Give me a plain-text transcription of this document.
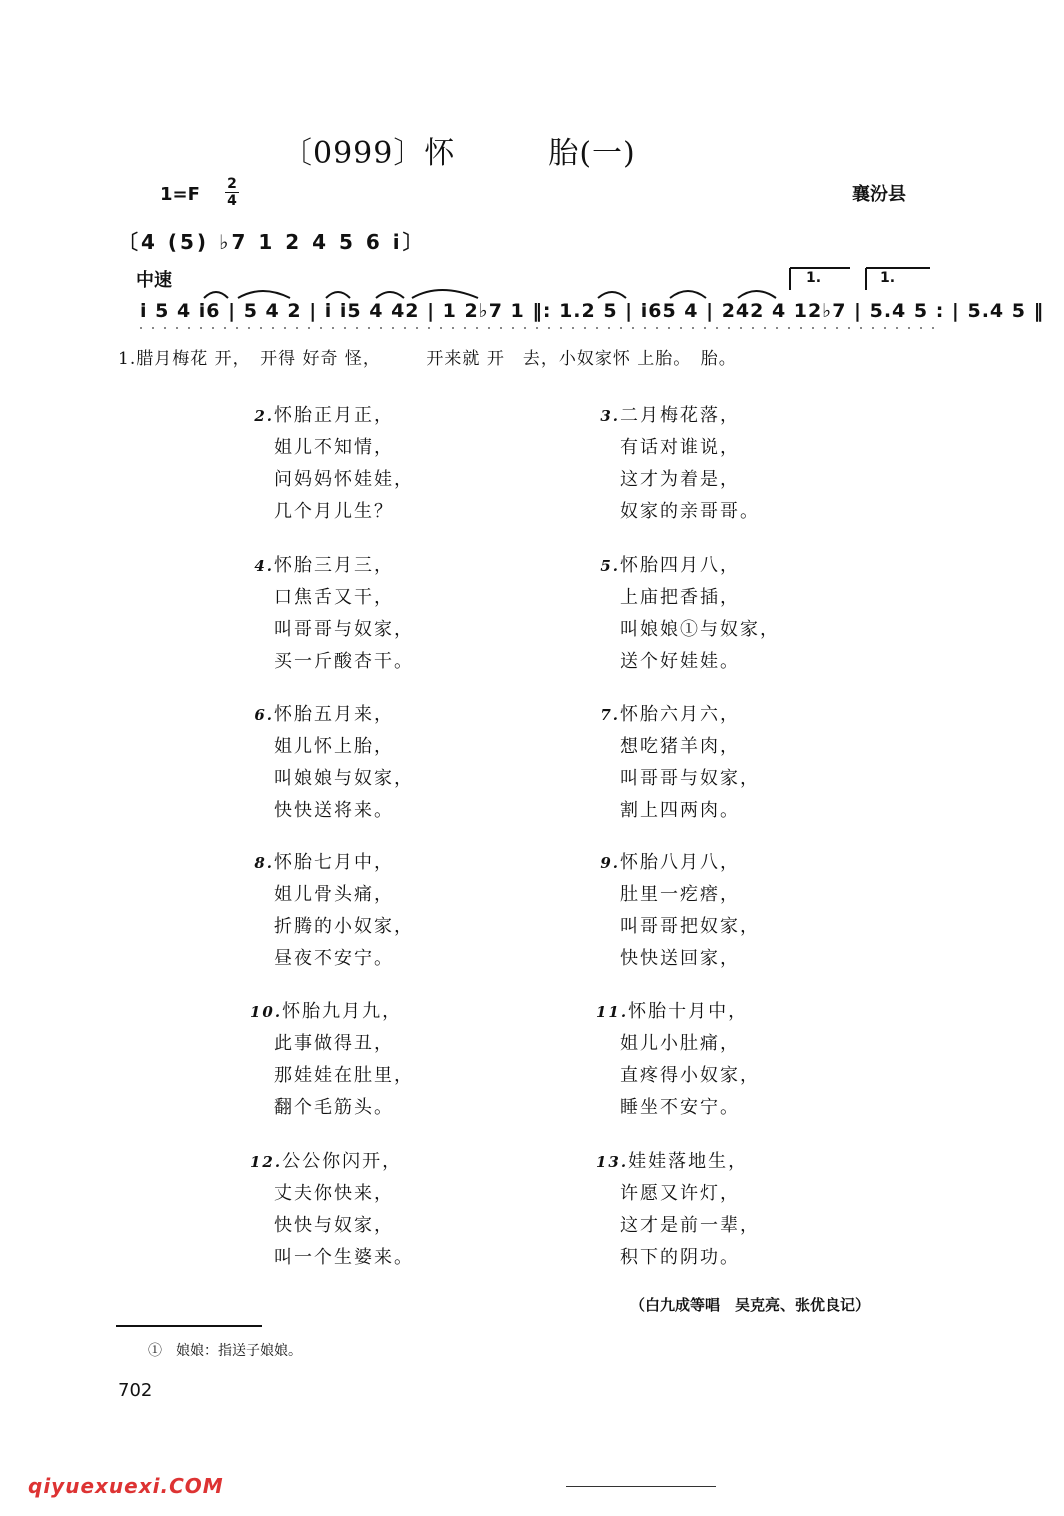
〔0999〕怀　　　胎(一)
1=F 2
4	襄汾县
〔4 (5) ♭7 1 2 4 5 6 i〕
中速
i 5 4 i6 | 5 4 2 | i i5 4 42 | 1 2♭7 1 ‖: 1.2 5 | i65 4 | 242 4 12♭7 | 5.4 5 : | 5.4 5 ‖
1.	1.
1.腊月梅花 开，　开得 好奇 怪，　　　开来就 开　去，小奴家怀 上胎。　胎。
2.怀胎正月正，
姐儿不知情，
问妈妈怀娃娃，
几个月儿生？
3.二月梅花落，
有话对谁说，
这才为着是，
奴家的亲哥哥。
4.怀胎三月三，
口焦舌又干，
叫哥哥与奴家，
买一斤酸杏干。
5.怀胎四月八，
上庙把香插，
叫娘娘①与奴家，
送个好娃娃。
6.怀胎五月来，
姐儿怀上胎，
叫娘娘与奴家，
快快送将来。
7.怀胎六月六，
想吃猪羊肉，
叫哥哥与奴家，
割上四两肉。
8.怀胎七月中，
姐儿骨头痛，
折腾的小奴家，
昼夜不安宁。
9.怀胎八月八，
肚里一疙瘩，
叫哥哥把奴家，
快快送回家，
10.怀胎九月九，
此事做得丑，
那娃娃在肚里，
翻个毛筋头。
11.怀胎十月中，
姐儿小肚痛，
直疼得小奴家，
睡坐不安宁。
12.公公你闪开，
丈夫你快来，
快快与奴家，
叫一个生婆来。
13.娃娃落地生，
许愿又许灯，
这才是前一辈，
积下的阴功。
（白九成等唱　吴克亮、张优良记）
①　娘娘：指送子娘娘。
702
qiyuexuexi.COM
